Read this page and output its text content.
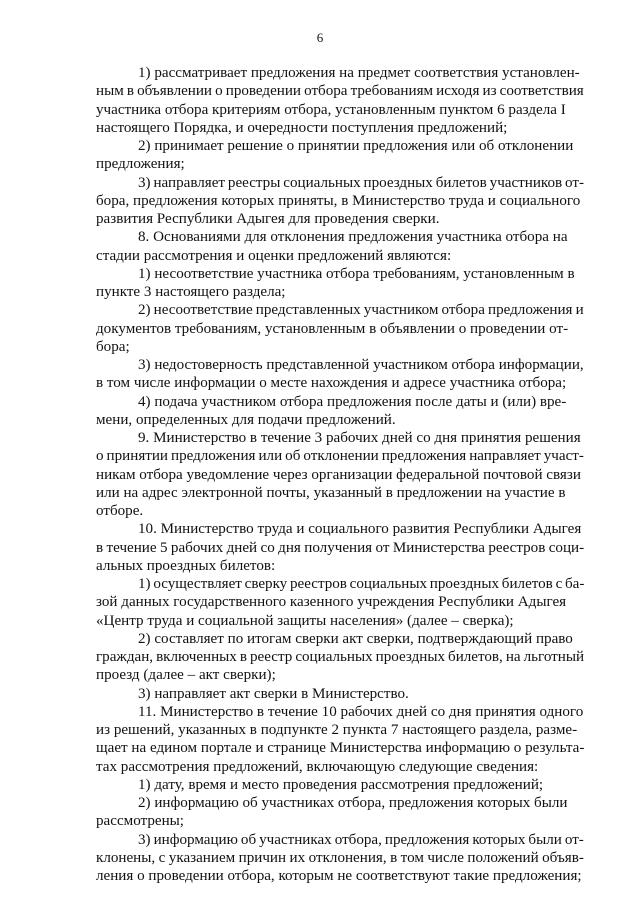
6
1) рассматривает предложения на предмет соответствия установлен-
ным в объявлении о проведении отбора требованиям исходя из соответствия
участника отбора критериям отбора, установленным пунктом 6 раздела I
настоящего Порядка, и очередности поступления предложений;
2) принимает решение о принятии предложения или об отклонении
предложения;
3) направляет реестры социальных проездных билетов участников от-
бора, предложения которых приняты, в Министерство труда и социального
развития Республики Адыгея для проведения сверки.
8. Основаниями для отклонения предложения участника отбора на
стадии рассмотрения и оценки предложений являются:
1) несоответствие участника отбора требованиям, установленным в
пункте 3 настоящего раздела;
2) несоответствие представленных участником отбора предложения и
документов требованиям, установленным в объявлении о проведении от-
бора;
3) недостоверность представленной участником отбора информации,
в том числе информации о месте нахождения и адресе участника отбора;
4) подача участником отбора предложения после даты и (или) вре-
мени, определенных для подачи предложений.
9. Министерство в течение 3 рабочих дней со дня принятия решения
о принятии предложения или об отклонении предложения направляет участ-
никам отбора уведомление через организации федеральной почтовой связи
или на адрес электронной почты, указанный в предложении на участие в
отборе.
10. Министерство труда и социального развития Республики Адыгея
в течение 5 рабочих дней со дня получения от Министерства реестров соци-
альных проездных билетов:
1) осуществляет сверку реестров социальных проездных билетов с ба-
зой данных государственного казенного учреждения Республики Адыгея
«Центр труда и социальной защиты населения» (далее – сверка);
2) составляет по итогам сверки акт сверки, подтверждающий право
граждан, включенных в реестр социальных проездных билетов, на льготный
проезд (далее – акт сверки);
3) направляет акт сверки в Министерство.
11. Министерство в течение 10 рабочих дней со дня принятия одного
из решений, указанных в подпункте 2 пункта 7 настоящего раздела, разме-
щает на едином портале и странице Министерства информацию о результа-
тах рассмотрения предложений, включающую следующие сведения:
1) дату, время и место проведения рассмотрения предложений;
2) информацию об участниках отбора, предложения которых были
рассмотрены;
3) информацию об участниках отбора, предложения которых были от-
клонены, с указанием причин их отклонения, в том числе положений объяв-
ления о проведении отбора, которым не соответствуют такие предложения;
